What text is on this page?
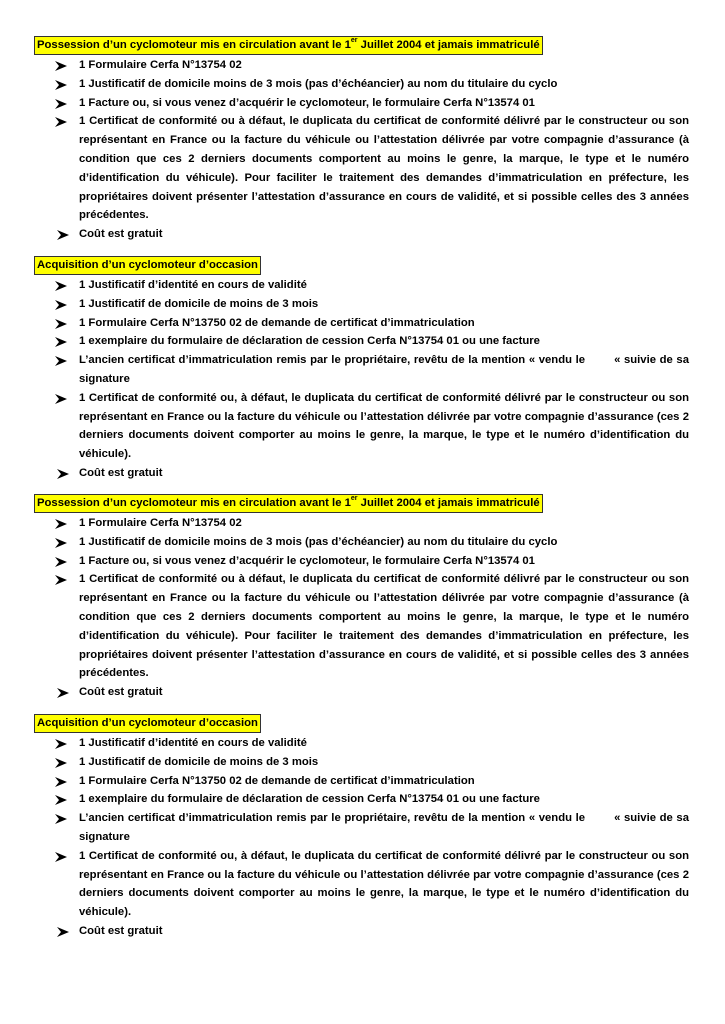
Possession d’un cyclomoteur mis en circulation avant le 1er Juillet 2004 et jamais immatriculé
1 Formulaire Cerfa N°13754 02
1 Justificatif de domicile moins de 3 mois (pas d’échéancier) au nom du titulaire du cyclo
1 Facture ou, si vous venez d’acquérir le cyclomoteur, le formulaire Cerfa N°13574 01
1 Certificat de conformité ou à défaut, le duplicata du certificat de conformité délivré par le constructeur ou son représentant en France ou la facture du véhicule ou l’attestation délivrée par votre compagnie d’assurance (à condition que ces 2 derniers documents comportent au moins le genre, la marque, le type et le numéro d’identification du véhicule). Pour faciliter le traitement des demandes d’immatriculation en préfecture, les propriétaires doivent présenter l’attestation d’assurance en cours de validité, et si possible celles des 3 années précédentes.
Coût est gratuit
Acquisition d’un cyclomoteur d’occasion
1 Justificatif d’identité en cours de validité
1 Justificatif de domicile de moins de 3 mois
1 Formulaire Cerfa N°13750 02 de demande de certificat d’immatriculation
1 exemplaire du formulaire de déclaration de cession Cerfa N°13754 01 ou une facture
L’ancien certificat d’immatriculation remis par le propriétaire, revêtu de la mention « vendu le        « suivie de sa signature
1 Certificat de conformité ou, à défaut, le duplicata du certificat de conformité délivré par le constructeur ou son représentant en France ou la facture du véhicule ou l’attestation délivrée par votre compagnie d’assurance (ces 2 derniers documents doivent comporter au moins le genre, la marque, le type et le numéro d’identification du véhicule).
Coût est gratuit
Possession d’un cyclomoteur mis en circulation avant le 1er Juillet 2004 et jamais immatriculé
1 Formulaire Cerfa N°13754 02
1 Justificatif de domicile moins de 3 mois (pas d’échéancier) au nom du titulaire du cyclo
1 Facture ou, si vous venez d’acquérir le cyclomoteur, le formulaire Cerfa N°13574 01
1 Certificat de conformité ou à défaut, le duplicata du certificat de conformité délivré par le constructeur ou son représentant en France ou la facture du véhicule ou l’attestation délivrée par votre compagnie d’assurance (à condition que ces 2 derniers documents comportent au moins le genre, la marque, le type et le numéro d’identification du véhicule). Pour faciliter le traitement des demandes d’immatriculation en préfecture, les propriétaires doivent présenter l’attestation d’assurance en cours de validité, et si possible celles des 3 années précédentes.
Coût est gratuit
Acquisition d’un cyclomoteur d’occasion
1 Justificatif d’identité en cours de validité
1 Justificatif de domicile de moins de 3 mois
1 Formulaire Cerfa N°13750 02 de demande de certificat d’immatriculation
1 exemplaire du formulaire de déclaration de cession Cerfa N°13754 01 ou une facture
L’ancien certificat d’immatriculation remis par le propriétaire, revêtu de la mention « vendu le        « suivie de sa signature
1 Certificat de conformité ou, à défaut, le duplicata du certificat de conformité délivré par le constructeur ou son représentant en France ou la facture du véhicule ou l’attestation délivrée par votre compagnie d’assurance (ces 2 derniers documents doivent comporter au moins le genre, la marque, le type et le numéro d’identification du véhicule).
Coût est gratuit
